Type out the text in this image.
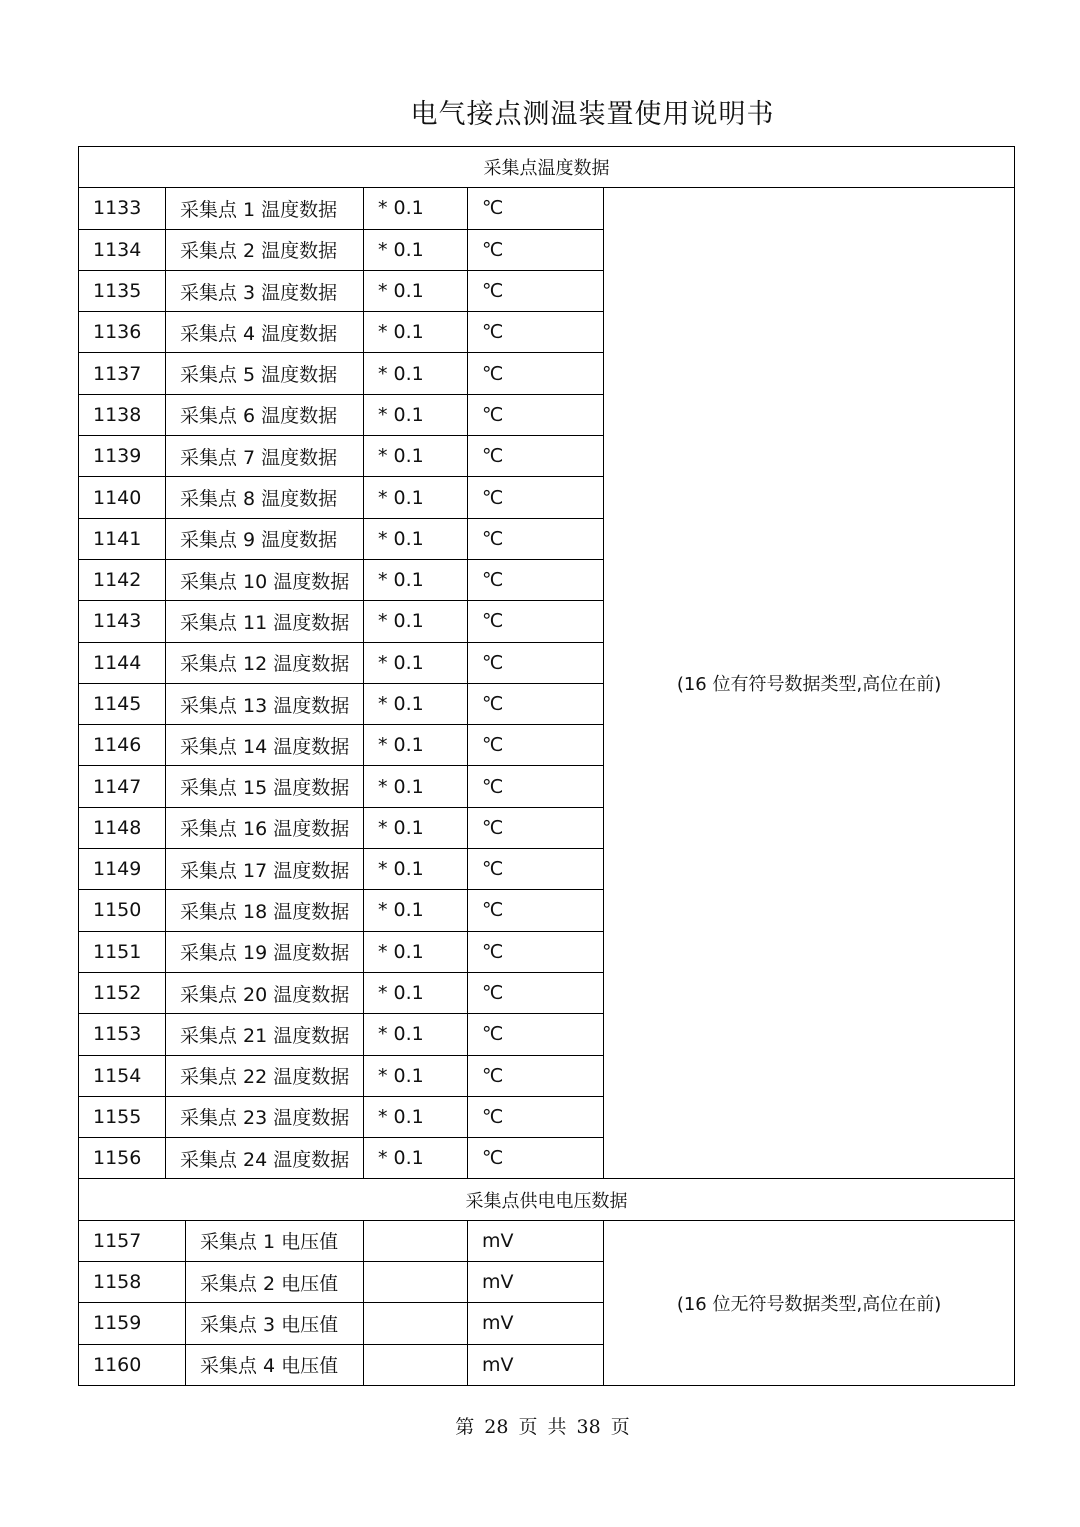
电气接点测温装置使用说明书
采集点温度数据					
1133	采集点 1 温度数据		* 0.1	℃	(16 位有符号数据类型,高位在前)
1134	采集点 2 温度数据		* 0.1	℃	
1135	采集点 3 温度数据		* 0.1	℃	
1136	采集点 4 温度数据		* 0.1	℃	
1137	采集点 5 温度数据		* 0.1	℃	
1138	采集点 6 温度数据		* 0.1	℃	
1139	采集点 7 温度数据		* 0.1	℃	
1140	采集点 8 温度数据		* 0.1	℃	
1141	采集点 9 温度数据		* 0.1	℃	
1142	采集点 10 温度数据		* 0.1	℃	
1143	采集点 11 温度数据		* 0.1	℃	
1144	采集点 12 温度数据		* 0.1	℃	
1145	采集点 13 温度数据		* 0.1	℃	
1146	采集点 14 温度数据		* 0.1	℃	
1147	采集点 15 温度数据		* 0.1	℃	
1148	采集点 16 温度数据		* 0.1	℃	
1149	采集点 17 温度数据		* 0.1	℃	
1150	采集点 18 温度数据		* 0.1	℃	
1151	采集点 19 温度数据		* 0.1	℃	
1152	采集点 20 温度数据		* 0.1	℃	
1153	采集点 21 温度数据		* 0.1	℃	
1154	采集点 22 温度数据		* 0.1	℃	
1155	采集点 23 温度数据		* 0.1	℃	
1156	采集点 24 温度数据		* 0.1	℃	
采集点供电电压数据					
1157		采集点 1 电压值		mV	(16 位无符号数据类型,高位在前)
1158		采集点 2 电压值		mV	
1159		采集点 3 电压值		mV	
1160		采集点 4 电压值		mV	
第 28 页 共 38 页
